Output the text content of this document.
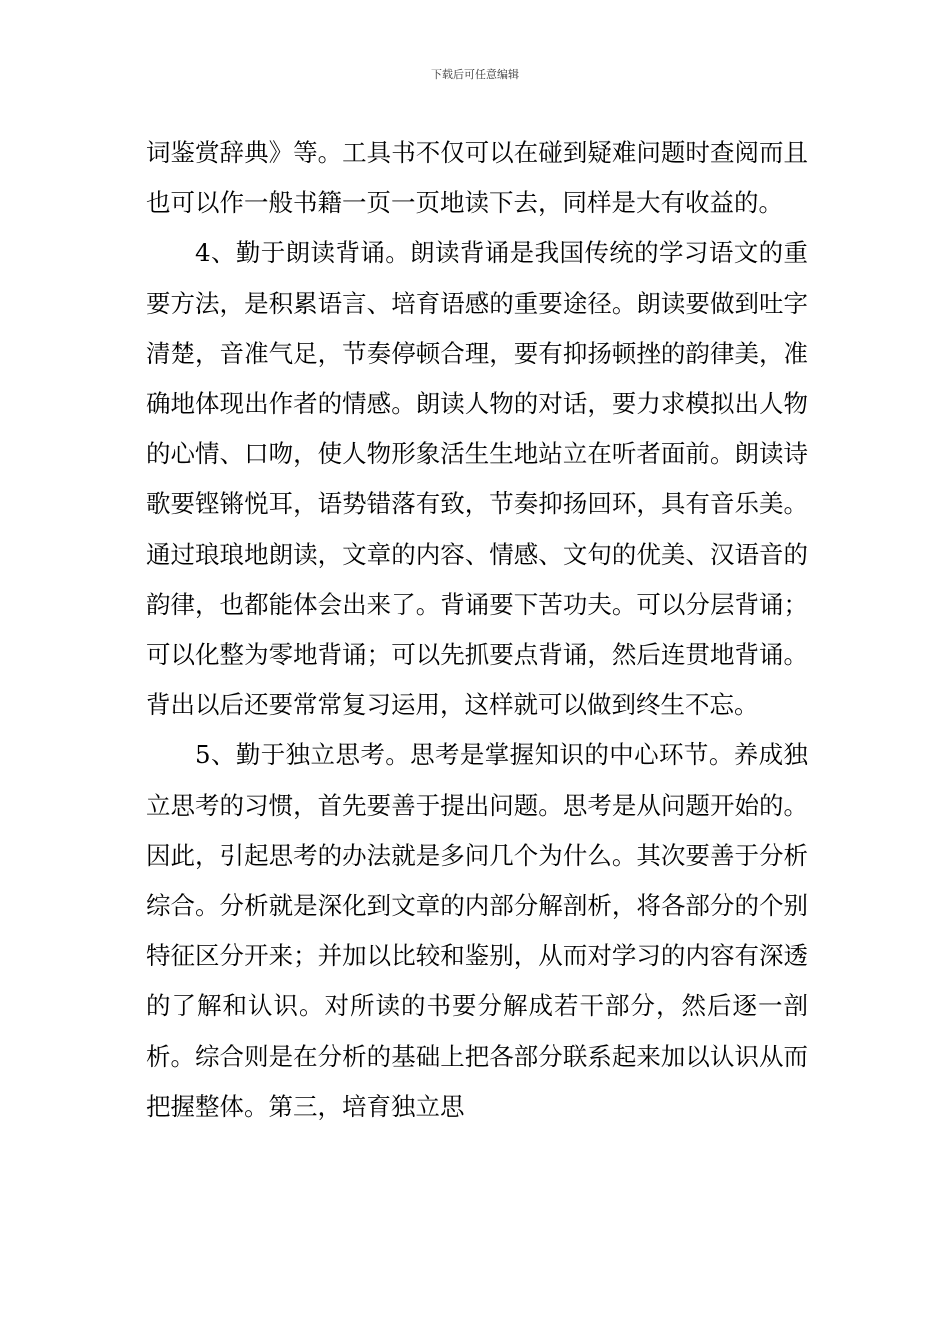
下载后可任意编辑

词鉴赏辞典》等。工具书不仅可以在碰到疑难问题时查阅而且也可以作一般书籍一页一页地读下去，同样是大有收益的。

4、勤于朗读背诵。朗读背诵是我国传统的学习语文的重要方法，是积累语言、培育语感的重要途径。朗读要做到吐字清楚，音准气足，节奏停顿合理，要有抑扬顿挫的韵律美，准确地体现出作者的情感。朗读人物的对话，要力求模拟出人物的心情、口吻，使人物形象活生生地站立在听者面前。朗读诗歌要铿锵悦耳，语势错落有致，节奏抑扬回环，具有音乐美。通过琅琅地朗读，文章的内容、情感、文句的优美、汉语音的韵律，也都能体会出来了。背诵要下苦功夫。可以分层背诵；可以化整为零地背诵；可以先抓要点背诵，然后连贯地背诵。背出以后还要常常复习运用，这样就可以做到终生不忘。

5、勤于独立思考。思考是掌握知识的中心环节。养成独立思考的习惯，首先要善于提出问题。思考是从问题开始的。因此，引起思考的办法就是多问几个为什么。其次要善于分析综合。分析就是深化到文章的内部分解剖析，将各部分的个别特征区分开来；并加以比较和鉴别，从而对学习的内容有深透的了解和认识。对所读的书要分解成若干部分，然后逐一剖析。综合则是在分析的基础上把各部分联系起来加以认识从而把握整体。第三，培育独立思
